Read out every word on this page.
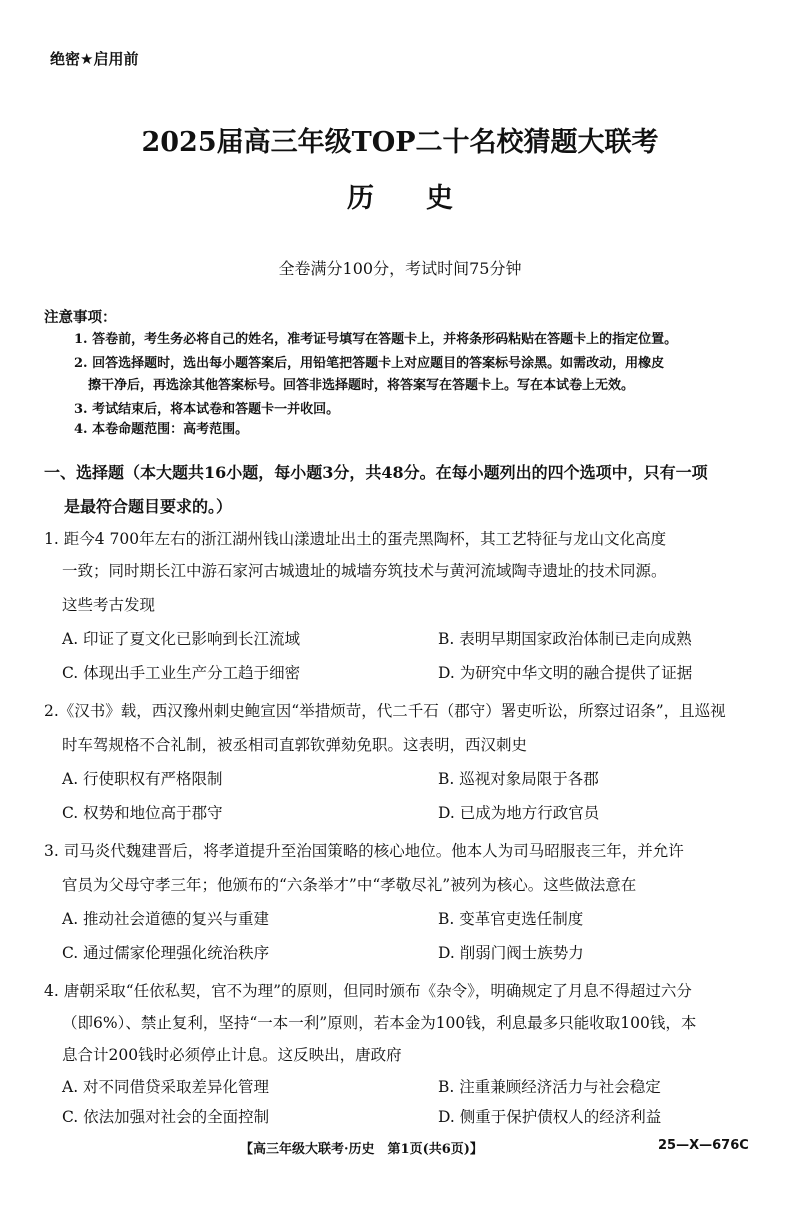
绝密★启用前
2025届高三年级TOP二十名校猜题大联考
历史
全卷满分100分，考试时间75分钟
注意事项：
1. 答卷前，考生务必将自己的姓名，准考证号填写在答题卡上，并将条形码粘贴在答题卡上的指定位置。
2. 回答选择题时，选出每小题答案后，用铅笔把答题卡上对应题目的答案标号涂黑。如需改动，用橡皮
擦干净后，再选涂其他答案标号。回答非选择题时，将答案写在答题卡上。写在本试卷上无效。
3. 考试结束后，将本试卷和答题卡一并收回。
4. 本卷命题范围：高考范围。
一、选择题（本大题共16小题，每小题3分，共48分。在每小题列出的四个选项中，只有一项
是最符合题目要求的。）
1. 距今4 700年左右的浙江湖州钱山漾遗址出土的蛋壳黑陶杯，其工艺特征与龙山文化高度
一致；同时期长江中游石家河古城遗址的城墙夯筑技术与黄河流域陶寺遗址的技术同源。
这些考古发现
A. 印证了夏文化已影响到长江流域	B. 表明早期国家政治体制已走向成熟
C. 体现出手工业生产分工趋于细密	D. 为研究中华文明的融合提供了证据
2.《汉书》载，西汉豫州刺史鲍宣因“举措烦苛，代二千石（郡守）署吏听讼，所察过诏条”，且巡视
时车驾规格不合礼制，被丞相司直郭钦弹劾免职。这表明，西汉刺史
A. 行使职权有严格限制	B. 巡视对象局限于各郡
C. 权势和地位高于郡守	D. 已成为地方行政官员
3. 司马炎代魏建晋后，将孝道提升至治国策略的核心地位。他本人为司马昭服丧三年，并允许
官员为父母守孝三年；他颁布的“六条举才”中“孝敬尽礼”被列为核心。这些做法意在
A. 推动社会道德的复兴与重建	B. 变革官吏选任制度
C. 通过儒家伦理强化统治秩序	D. 削弱门阀士族势力
4. 唐朝采取“任依私契，官不为理”的原则，但同时颁布《杂令》，明确规定了月息不得超过六分
（即6%）、禁止复利，坚持“一本一利”原则，若本金为100钱，利息最多只能收取100钱，本
息合计200钱时必须停止计息。这反映出，唐政府
A. 对不同借贷采取差异化管理	B. 注重兼顾经济活力与社会稳定
C. 依法加强对社会的全面控制	D. 侧重于保护债权人的经济利益
【高三年级大联考·历史　第1页(共6页)】	25—X—676C
